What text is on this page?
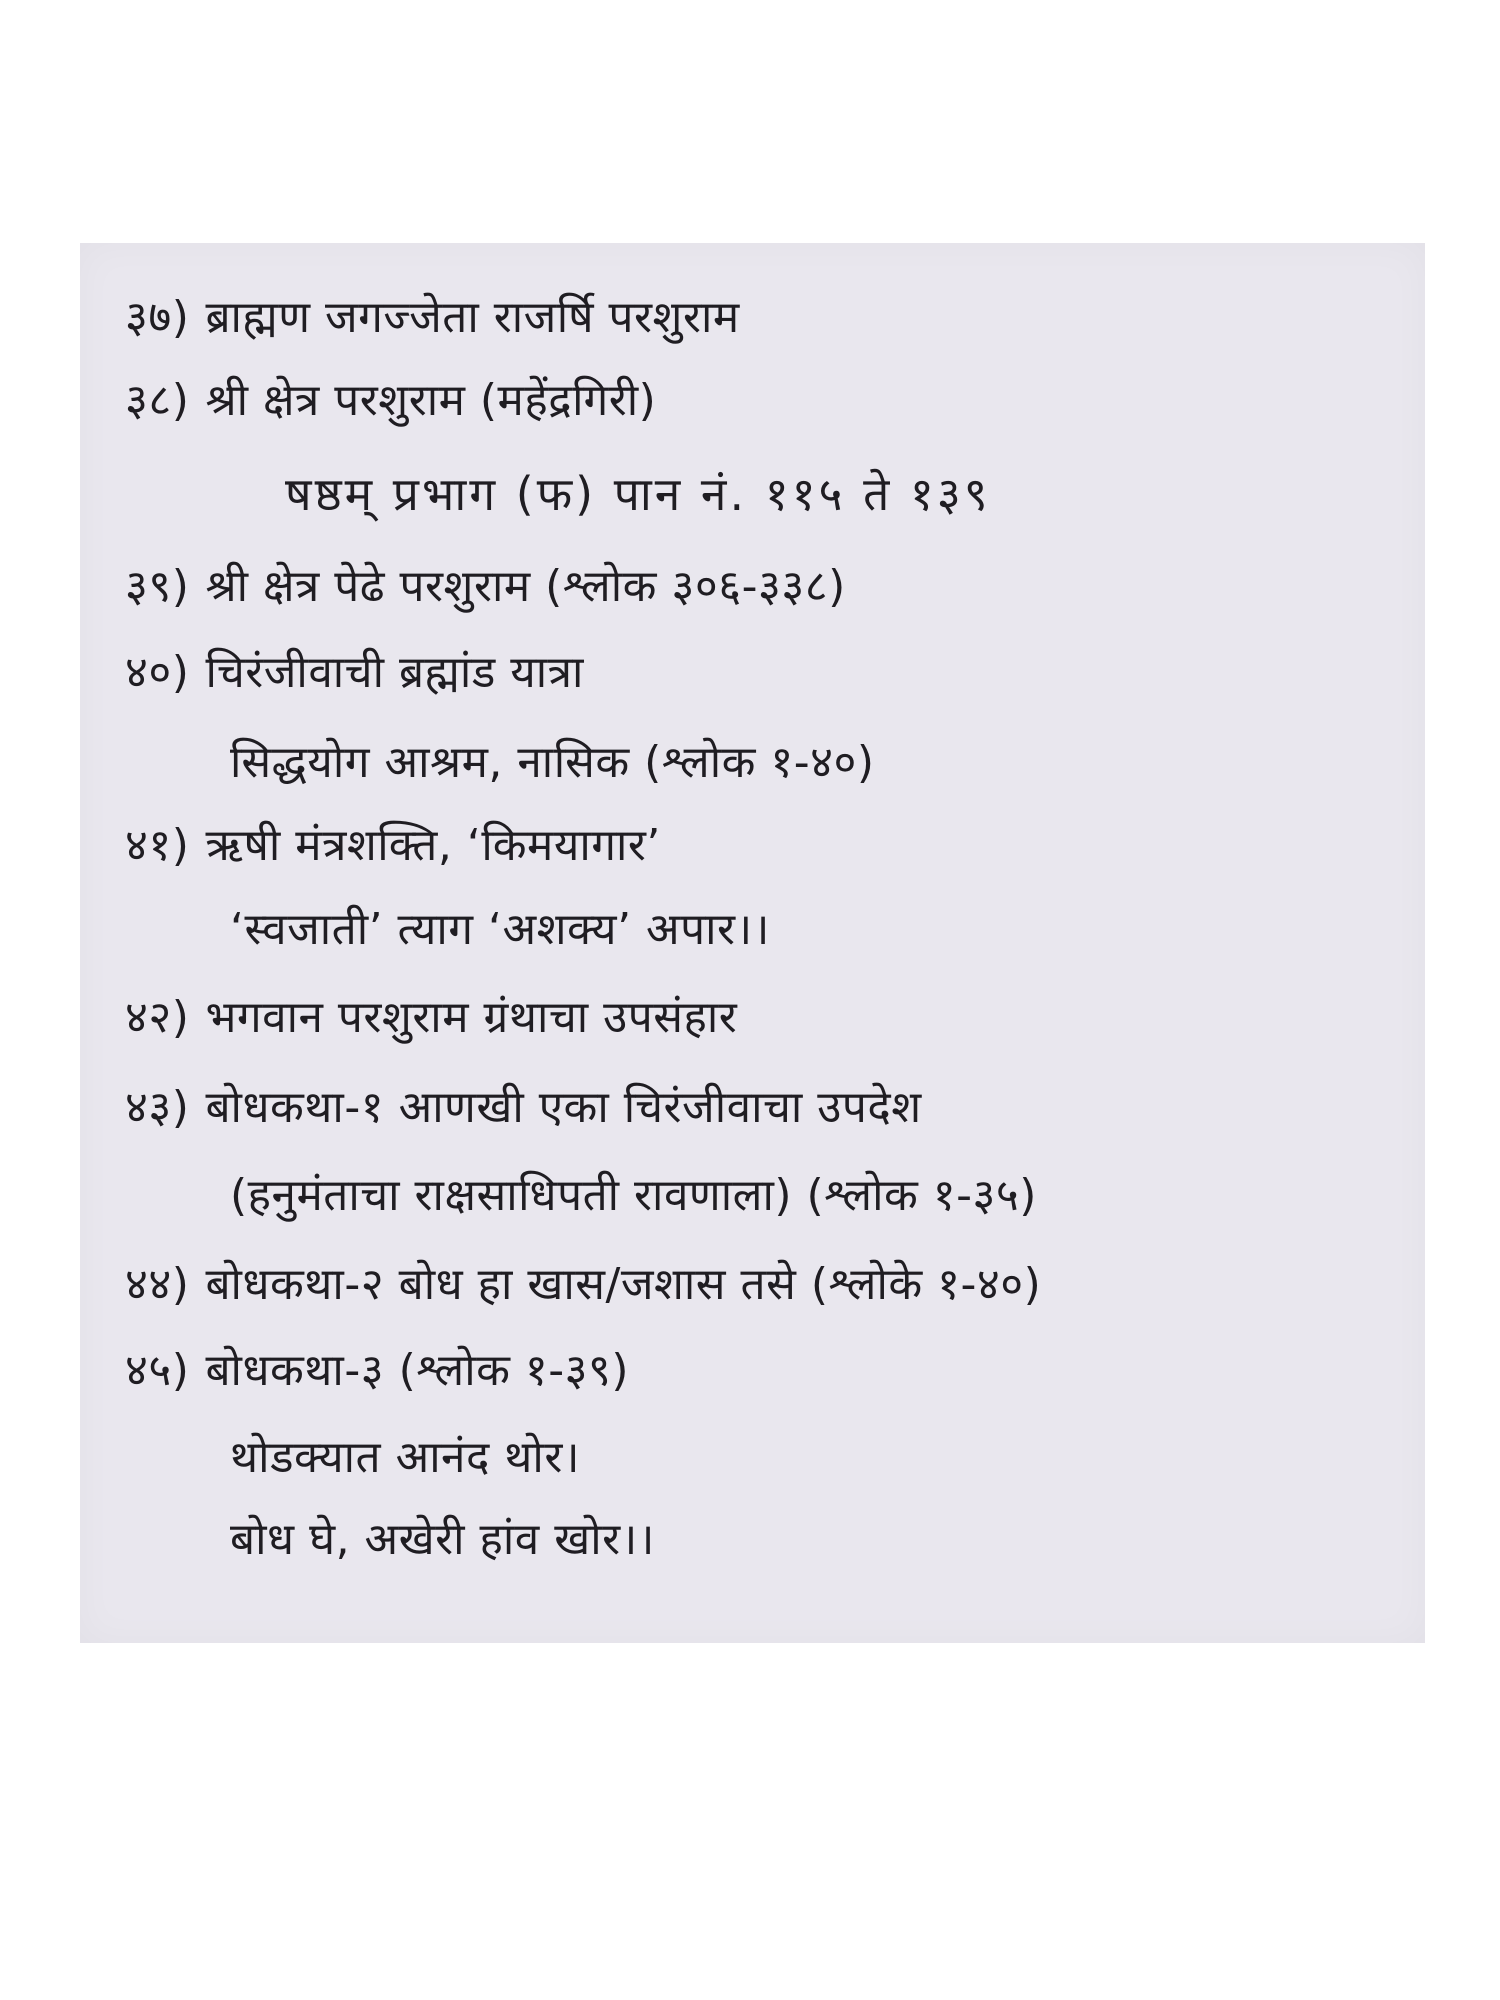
३७) ब्राह्मण जगज्जेता राजर्षि परशुराम
३८) श्री क्षेत्र परशुराम (महेंद्रगिरी)
षष्ठम् प्रभाग (फ) पान नं. ११५ ते १३९
३९) श्री क्षेत्र पेढे परशुराम (श्लोक ३०६-३३८)
४०) चिरंजीवाची ब्रह्मांड यात्रा
सिद्धयोग आश्रम, नासिक (श्लोक १-४०)
४१) ऋषी मंत्रशक्ति, ‘किमयागार’
‘स्वजाती’ त्याग ‘अशक्य’ अपार।।
४२) भगवान परशुराम ग्रंथाचा उपसंहार
४३) बोधकथा-१ आणखी एका चिरंजीवाचा उपदेश
(हनुमंताचा राक्षसाधिपती रावणाला) (श्लोक १-३५)
४४) बोधकथा-२ बोध हा खास/जशास तसे (श्लोके १-४०)
४५) बोधकथा-३ (श्लोक १-३९)
थोडक्यात आनंद थोर।
बोध घे, अखेरी हांव खोर।।
